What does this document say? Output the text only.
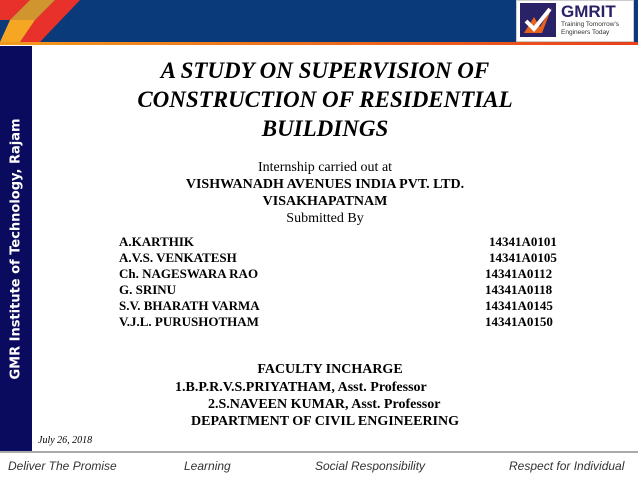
GMRIT
Training Tomorrow's
Engineers Today
GMR Institute of Technology, Rajam
A STUDY ON SUPERVISION OF
CONSTRUCTION OF RESIDENTIAL
BUILDINGS
Internship carried out at
VISHWANADH AVENUES INDIA PVT. LTD.
VISAKHAPATNAM
Submitted By
A.KARTHIK	14341A0101
A.V.S. VENKATESH	14341A0105
Ch. NAGESWARA RAO	14341A0112
G. SRINU	14341A0118
S.V. BHARATH VARMA	14341A0145
V.J.L. PURUSHOTHAM	14341A0150
FACULTY INCHARGE
1.B.P.R.V.S.PRIYATHAM, Asst. Professor
2.S.NAVEEN KUMAR, Asst. Professor
DEPARTMENT OF CIVIL ENGINEERING
July 26, 2018
Deliver The Promise	Learning	Social Responsibility	Respect for Individual
